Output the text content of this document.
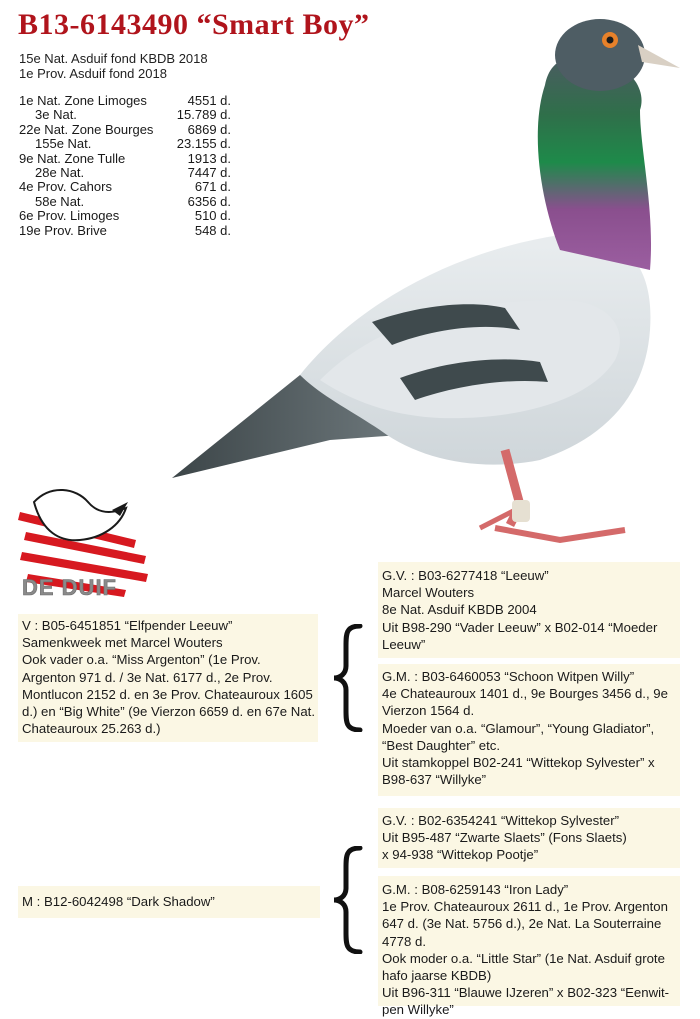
B13-6143490 “Smart Boy”
15e Nat. Asduif fond KBDB 2018
1e Prov. Asduif fond 2018
1e Nat. Zone Limoges	4551 d.
3e Nat.	15.789 d.
22e Nat. Zone Bourges	6869 d.
155e Nat.	23.155 d.
9e Nat. Zone Tulle	1913 d.
28e Nat.	7447 d.
4e Prov. Cahors	671 d.
58e Nat.	6356 d.
6e Prov. Limoges	510 d.
19e Prov. Brive	548 d.
DE DUIF
V : B05-6451851 “Elfpender Leeuw”
Samenkweek met Marcel Wouters
Ook vader o.a. “Miss Argenton” (1e Prov. Argenton 971 d. / 3e Nat. 6177 d., 2e Prov. Montlucon 2152 d. en 3e Prov. Chateauroux 1605 d.) en “Big White” (9e Vierzon 6659 d. en 67e Nat. Chateauroux 25.263 d.)
M : B12-6042498 “Dark Shadow”
G.V. : B03-6277418 “Leeuw”
Marcel Wouters
8e Nat. Asduif KBDB 2004
Uit B98-290 “Vader Leeuw” x B02-014 “Moeder Leeuw”
G.M. : B03-6460053 “Schoon Witpen Willy”
4e Chateauroux 1401 d., 9e Bourges 3456 d., 9e Vierzon 1564 d.
Moeder van o.a. “Glamour”, “Young Gladiator”, “Best Daughter” etc.
Uit stamkoppel B02-241 “Wittekop Sylvester” x B98-637 “Willyke”
G.V. : B02-6354241 “Wittekop Sylvester”
Uit B95-487 “Zwarte Slaets” (Fons Slaets)
x 94-938 “Wittekop Pootje”
G.M. : B08-6259143 “Iron Lady”
1e Prov. Chateauroux 2611 d., 1e Prov. Argenton 647 d. (3e Nat. 5756 d.), 2e Nat. La Souterraine 4778 d.
Ook moder o.a. “Little Star” (1e Nat. Asduif grote hafo jaarse KBDB)
Uit B96-311 “Blauwe IJzeren” x B02-323 “Eenwit-pen Willyke”
